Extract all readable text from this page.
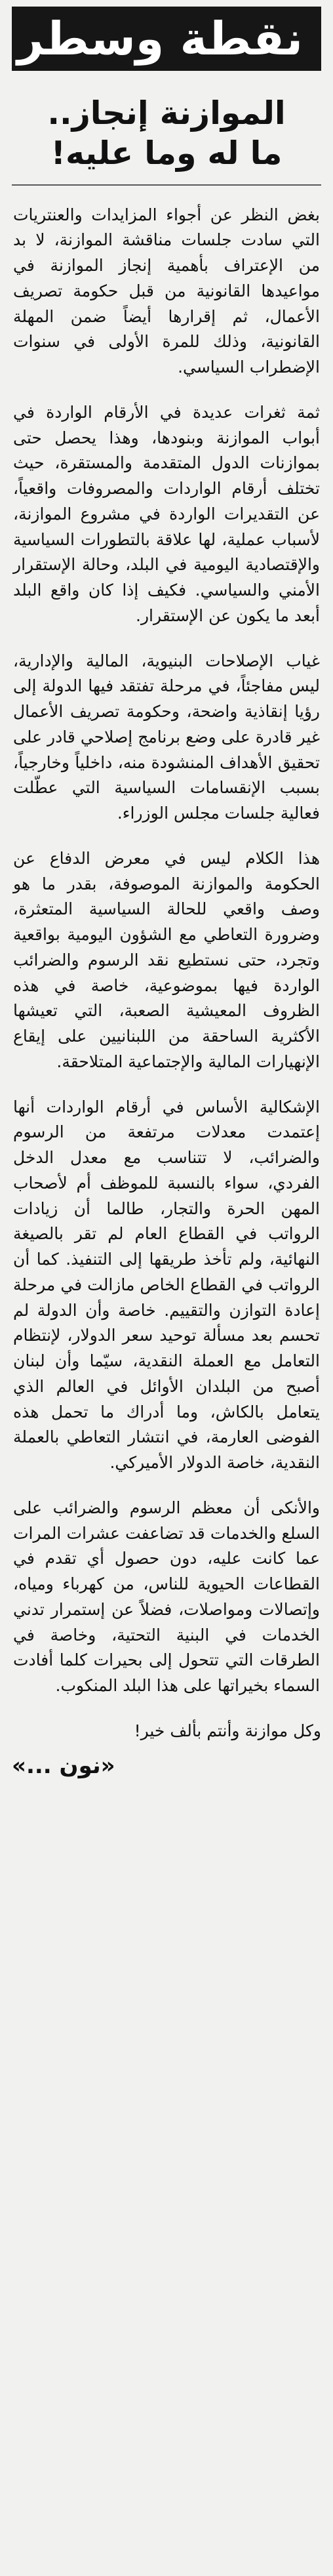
نقطة وسطر
الموازنة إنجاز..
ما له وما عليه!

بغض النظر عن أجواء المزايدات والعنتريات التي سادت جلسات مناقشة الموازنة، لا بد من الإعتراف بأهمية إنجاز الموازنة في مواعيدها القانونية من قبل حكومة تصريف الأعمال، ثم إقرارها أيضاً ضمن المهلة القانونية، وذلك للمرة الأولى في سنوات الإضطراب السياسي.

ثمة ثغرات عديدة في الأرقام الواردة في أبواب الموازنة وبنودها، وهذا يحصل حتى بموازنات الدول المتقدمة والمستقرة، حيث تختلف أرقام الواردات والمصروفات واقعياً، عن التقديرات الواردة في مشروع الموازنة، لأسباب عملية، لها علاقة بالتطورات السياسية والإقتصادية اليومية في البلد، وحالة الإستقرار الأمني والسياسي. فكيف إذا كان واقع البلد أبعد ما يكون عن الإستقرار.

غياب الإصلاحات البنيوية، المالية والإدارية، ليس مفاجئاً، في مرحلة تفتقد فيها الدولة إلى رؤيا إنقاذية واضحة، وحكومة تصريف الأعمال غير قادرة على وضع برنامج إصلاحي قادر على تحقيق الأهداف المنشودة منه، داخلياً وخارجياً، بسبب الإنقسامات السياسية التي عطّلت فعالية جلسات مجلس الوزراء.

هذا الكلام ليس في معرض الدفاع عن الحكومة والموازنة الموصوفة، بقدر ما هو وصف واقعي للحالة السياسية المتعثرة، وضرورة التعاطي مع الشؤون اليومية بواقعية وتجرد، حتى نستطيع نقد الرسوم والضرائب الواردة فيها بموضوعية، خاصة في هذه الظروف المعيشية الصعبة، التي تعيشها الأكثرية الساحقة من اللبنانيين على إيقاع الإنهيارات المالية والإجتماعية المتلاحقة.

الإشكالية الأساس في أرقام الواردات أنها إعتمدت معدلات مرتفعة من الرسوم والضرائب، لا تتناسب مع معدل الدخل الفردي، سواء بالنسبة للموظف أم لأصحاب المهن الحرة والتجار، طالما أن زيادات الرواتب في القطاع العام لم تقر بالصيغة النهائية، ولم تأخذ طريقها إلى التنفيذ. كما أن الرواتب في القطاع الخاص مازالت في مرحلة إعادة التوازن والتقييم. خاصة وأن الدولة لم تحسم بعد مسألة توحيد سعر الدولار، لإنتظام التعامل مع العملة النقدية، سيّما وأن لبنان أصبح من البلدان الأوائل في العالم الذي يتعامل بالكاش، وما أدراك ما تحمل هذه الفوضى العارمة، في انتشار التعاطي بالعملة النقدية، خاصة الدولار الأميركي.

والأنكى أن معظم الرسوم والضرائب على السلع والخدمات قد تضاعفت عشرات المرات عما كانت عليه، دون حصول أي تقدم في القطاعات الحيوية للناس، من كهرباء ومياه، وإتصالات ومواصلات، فضلاً عن إستمرار تدني الخدمات في البنية التحتية، وخاصة في الطرقات التي تتحول إلى بحيرات كلما أفادت السماء بخيراتها على هذا البلد المنكوب.

وكل موازنة وأنتم بألف خير!

«نون ...»
